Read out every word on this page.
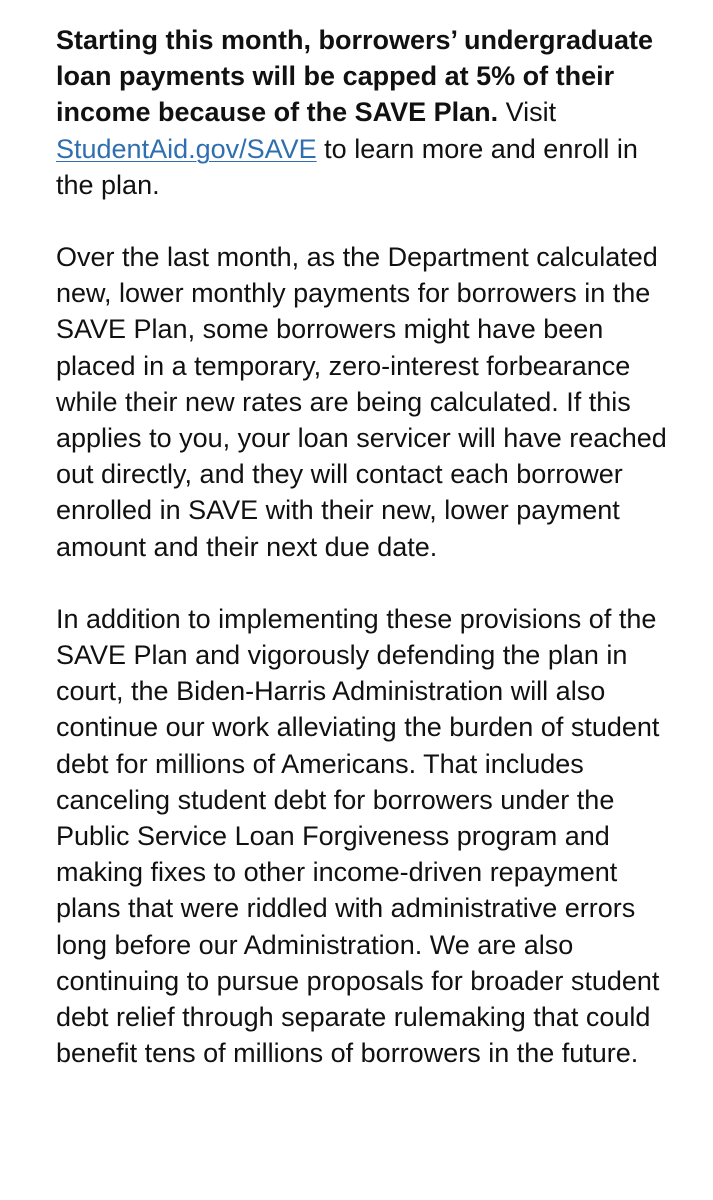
Starting this month, borrowers’ undergraduate loan payments will be capped at 5% of their income because of the SAVE Plan. Visit StudentAid.gov/SAVE to learn more and enroll in the plan.

Over the last month, as the Department calculated new, lower monthly payments for borrowers in the SAVE Plan, some borrowers might have been placed in a temporary, zero-interest forbearance while their new rates are being calculated. If this applies to you, your loan servicer will have reached out directly, and they will contact each borrower enrolled in SAVE with their new, lower payment amount and their next due date.

In addition to implementing these provisions of the SAVE Plan and vigorously defending the plan in court, the Biden-Harris Administration will also continue our work alleviating the burden of student debt for millions of Americans. That includes canceling student debt for borrowers under the Public Service Loan Forgiveness program and making fixes to other income-driven repayment plans that were riddled with administrative errors long before our Administration. We are also continuing to pursue proposals for broader student debt relief through separate rulemaking that could benefit tens of millions of borrowers in the future.
